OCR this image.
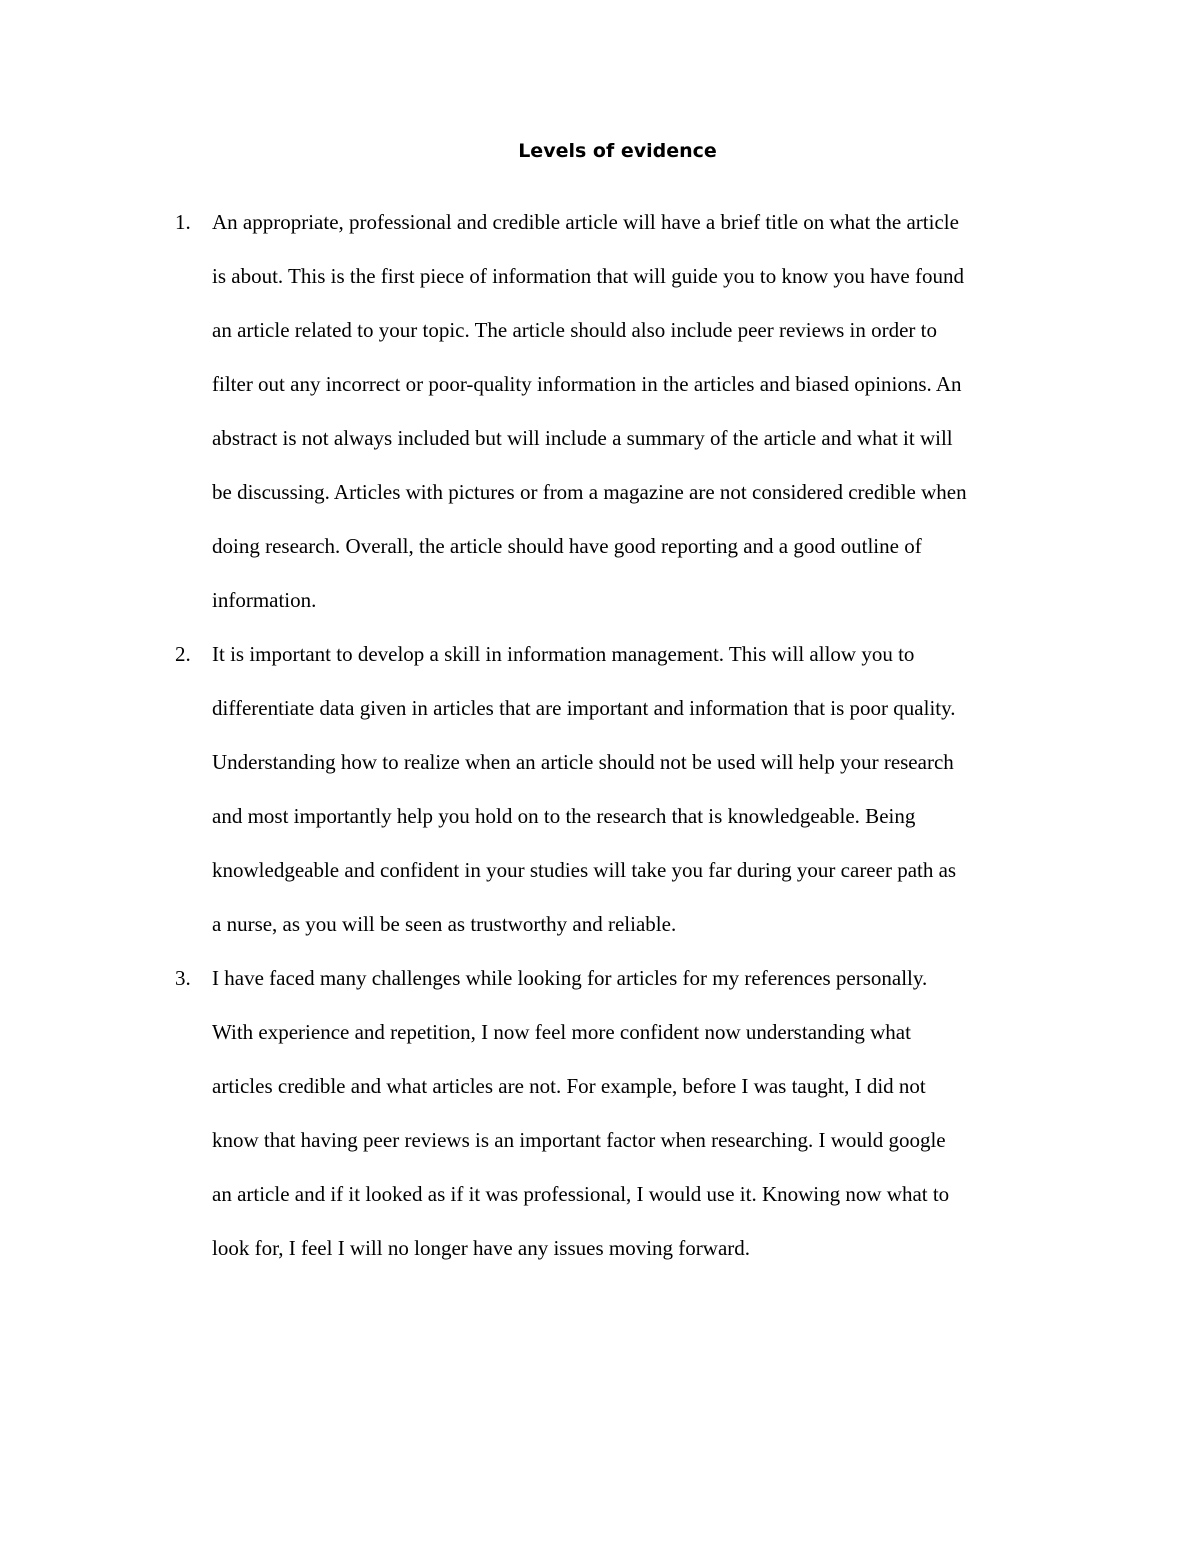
Levels of evidence
1. An appropriate, professional and credible article will have a brief title on what the article
is about. This is the first piece of information that will guide you to know you have found
an article related to your topic. The article should also include peer reviews in order to
filter out any incorrect or poor-quality information in the articles and biased opinions. An
abstract is not always included but will include a summary of the article and what it will
be discussing. Articles with pictures or from a magazine are not considered credible when
doing research. Overall, the article should have good reporting and a good outline of
information.
2. It is important to develop a skill in information management. This will allow you to
differentiate data given in articles that are important and information that is poor quality.
Understanding how to realize when an article should not be used will help your research
and most importantly help you hold on to the research that is knowledgeable. Being
knowledgeable and confident in your studies will take you far during your career path as
a nurse, as you will be seen as trustworthy and reliable.
3. I have faced many challenges while looking for articles for my references personally.
With experience and repetition, I now feel more confident now understanding what
articles credible and what articles are not. For example, before I was taught, I did not
know that having peer reviews is an important factor when researching. I would google
an article and if it looked as if it was professional, I would use it. Knowing now what to
look for, I feel I will no longer have any issues moving forward.
